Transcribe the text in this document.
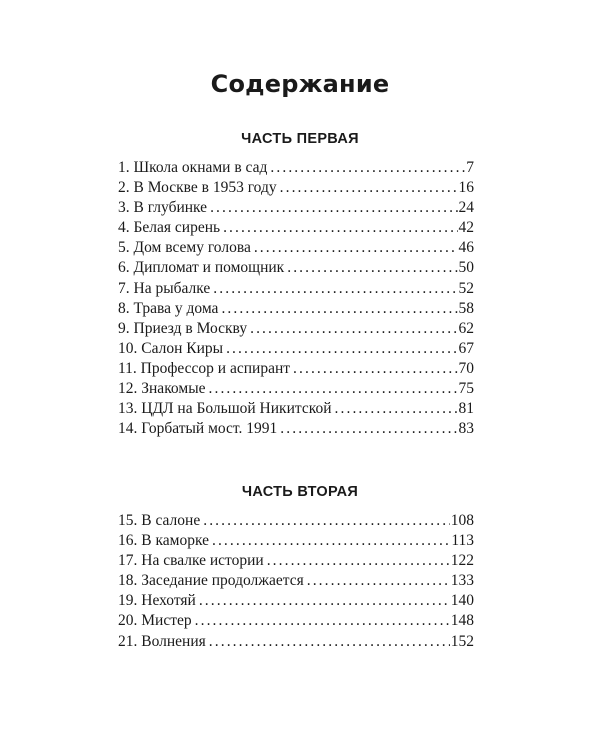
Содержание
ЧАСТЬ ПЕРВАЯ
1. Школа окнами в сад .....	7
2. В Москве в 1953 году .....	16
3. В глубинке .....	24
4. Белая сирень .....	42
5. Дом всему голова .....	46
6. Дипломат и помощник .....	50
7. На рыбалке .....	52
8. Трава у дома .....	58
9. Приезд в Москву .....	62
10. Салон Киры .....	67
11. Профессор и аспирант .....	70
12. Знакомые .....	75
13. ЦДЛ на Большой Никитской .....	81
14. Горбатый мост. 1991 .....	83
ЧАСТЬ ВТОРАЯ
15. В салоне .....	108
16. В каморке .....	113
17. На свалке истории .....	122
18. Заседание продолжается .....	133
19. Нехотяй .....	140
20. Мистер .....	148
21. Волнения .....	152
